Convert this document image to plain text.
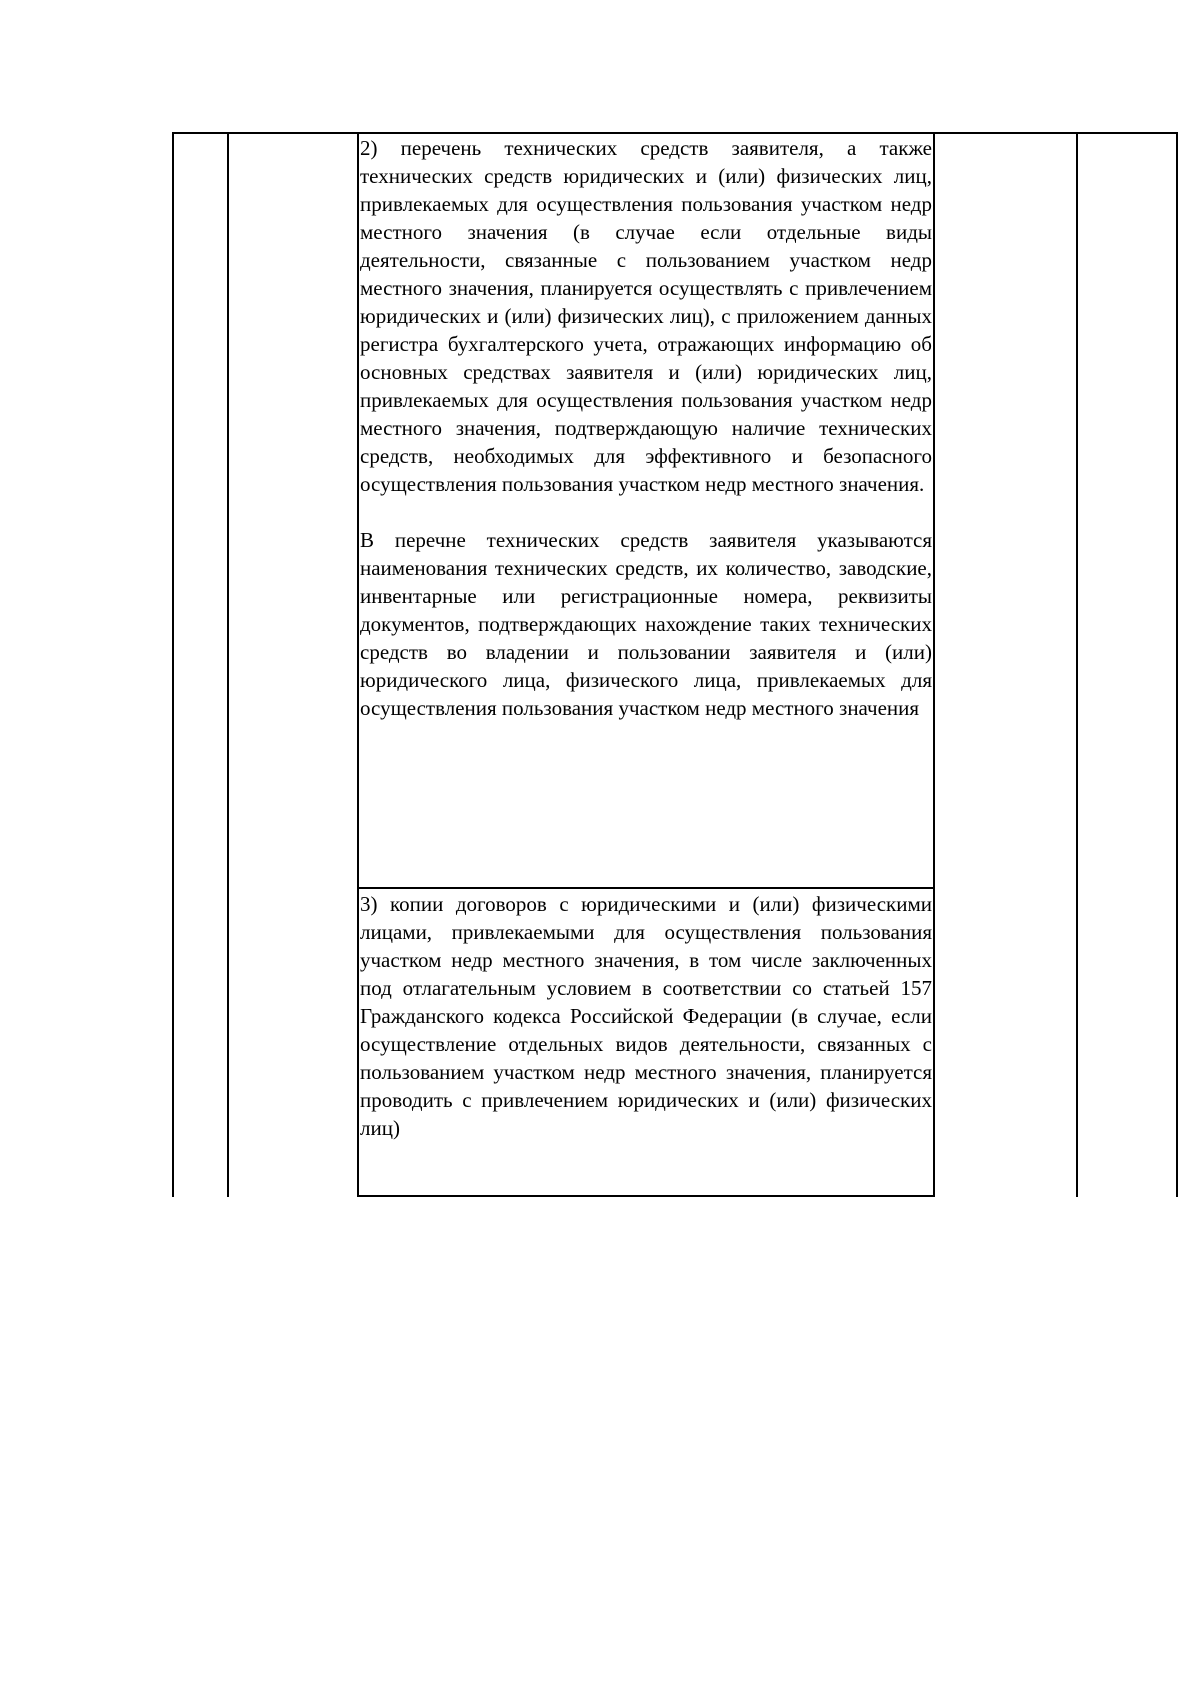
2) перечень технических средств заявителя, а также технических средств юридических и (или) физических лиц, привлекаемых для осуществления пользования участком недр местного значения (в случае если отдельные виды деятельности, связанные с пользованием участком недр местного значения, планируется осуществлять с привлечением юридических и (или) физических лиц), с приложением данных регистра бухгалтерского учета, отражающих информацию об основных средствах заявителя и (или) юридических лиц, привлекаемых для осуществления пользования участком недр местного значения, подтверждающую наличие технических средств, необходимых для эффективного и безопасного осуществления пользования участком недр местного значения.

В перечне технических средств заявителя указываются наименования технических средств, их количество, заводские, инвентарные или регистрационные номера, реквизиты документов, подтверждающих нахождение таких технических средств во владении и пользовании заявителя и (или) юридического лица, физического лица, привлекаемых для осуществления пользования участком недр местного значения

3) копии договоров с юридическими и (или) физическими лицами, привлекаемыми для осуществления пользования участком недр местного значения, в том числе заключенных под отлагательным условием в соответствии со статьей 157 Гражданского кодекса Российской Федерации (в случае, если осуществление отдельных видов деятельности, связанных с пользованием участком недр местного значения, планируется проводить с привлечением юридических и (или) физических лиц)
